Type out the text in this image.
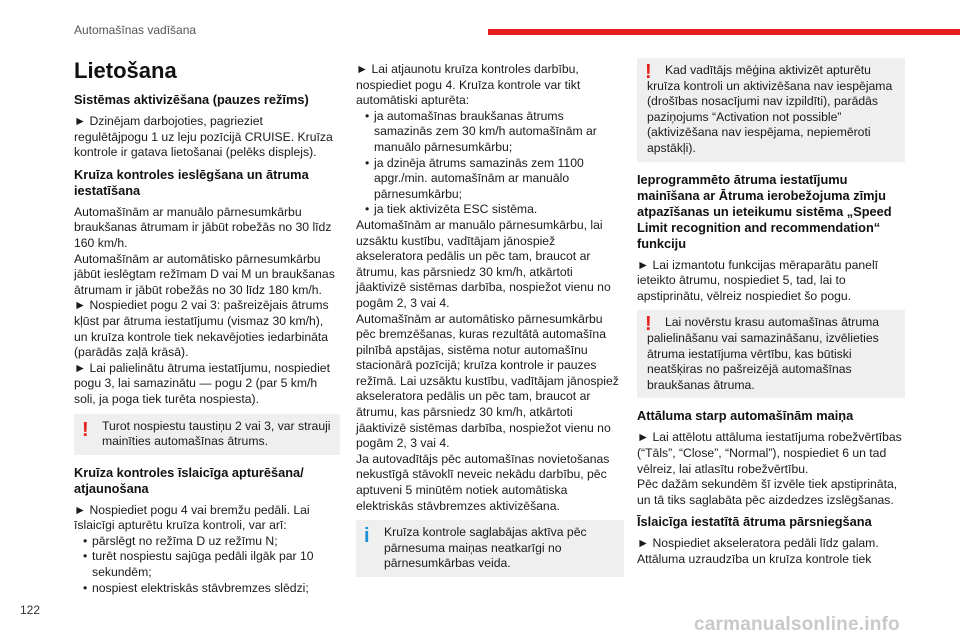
Automašīnas vadīšana
Lietošana
Sistēmas aktivizēšana (pauzes režīms)

► Dzinējam darbojoties, pagrieziet regulētājpogu 1 uz leju pozīcijā CRUISE. Kruīza kontrole ir gatava lietošanai (pelēks displejs).

Kruīza kontroles ieslēgšana un ātruma iestatīšana

Automašīnām ar manuālo pārnesumkārbu braukšanas ātrumam ir jābūt robežās no 30 līdz 160 km/h.
Automašīnām ar automātisko pārnesumkārbu jābūt ieslēgtam režīmam D vai M un braukšanas ātrumam ir jābūt robežās no 30 līdz 180 km/h.
► Nospiediet pogu 2 vai 3: pašreizējais ātrums kļūst par ātruma iestatījumu (vismaz 30 km/h), un kruīza kontrole tiek nekavējoties iedarbināta (parādās zaļā krāsā).
► Lai palielinātu ātruma iestatījumu, nospiediet pogu 3, lai samazinātu — pogu 2 (par 5 km/h soli, ja poga tiek turēta nospiesta).

! Turot nospiestu taustiņu 2 vai 3, var strauji mainīties automašīnas ātrums.
Kruīza kontroles īslaicīga apturēšana/ atjaunošana

► Nospiediet pogu 4 vai bremžu pedāli. Lai īslaicīgi apturētu kruīza kontroli, var arī:

• pārslēgt no režīma D uz režīmu N;
• turēt nospiestu sajūga pedāli ilgāk par 10 sekundēm;
• nospiest elektriskās stāvbremzes slēdzi;

► Lai atjaunotu kruīza kontroles darbību, nospiediet pogu 4. Kruīza kontrole var tikt automātiski apturēta:

• ja automašīnas braukšanas ātrums samazinās zem 30 km/h automašīnām ar manuālo pārnesumkārbu;
• ja dzinēja ātrums samazinās zem 1100 apgr./min. automašīnām ar manuālo pārnesumkārbu;
• ja tiek aktivizēta ESC sistēma.

Automašīnām ar manuālo pārnesumkārbu, lai uzsāktu kustību, vadītājam jānospiež akseleratora pedālis un pēc tam, braucot ar ātrumu, kas pārsniedz 30 km/h, atkārtoti jāaktivizē sistēmas darbība, nospiežot vienu no pogām 2, 3 vai 4.
Automašīnām ar automātisko pārnesumkārbu pēc bremzēšanas, kuras rezultātā automašīna pilnībā apstājas, sistēma notur automašīnu stacionārā pozīcijā; kruīza kontrole ir pauzes režīmā. Lai uzsāktu kustību, vadītājam jānospiež akseleratora pedālis un pēc tam, braucot ar ātrumu, kas pārsniedz 30 km/h, atkārtoti jāaktivizē sistēmas darbība, nospiežot vienu no pogām 2, 3 vai 4.
Ja autovadītājs pēc automašīnas novietošanas nekustīgā stāvoklī neveic nekādu darbību, pēc aptuveni 5 minūtēm notiek automātiska elektriskās stāvbremzes aktivizēšana.

i Kruīza kontrole saglabājas aktīva pēc pārnesuma maiņas neatkarīgi no pārnesumkārbas veida.
!	Kad vadītājs mēģina aktivizēt apturētu
kruīza kontroli un aktivizēšana nav iespējama (drošības nosacījumi nav izpildīti), parādās paziņojums “Activation not possible” (aktivizēšana nav iespējama, nepiemēroti apstākļi).
Ieprogrammēto ātruma iestatījumu mainīšana ar Ātruma ierobežojuma zīmju atpazīšanas un ieteikumu sistēma „Speed Limit recognition and recommendation“ funkciju

► Lai izmantotu funkcijas mēraparātu panelī ieteikto ātrumu, nospiediet 5, tad, lai to apstiprinātu, vēlreiz nospiediet šo pogu.

!	Lai novērstu krasu automašīnas ātruma
palielināšanu vai samazināšanu, izvēlieties ātruma iestatījuma vērtību, kas būtiski neatšķiras no pašreizējā automašīnas braukšanas ātruma.
Attāluma starp automašīnām maiņa

► Lai attēlotu attāluma iestatījuma robežvērtības (“Tāls”, “Close”, “Normal”), nospiediet 6 un tad vēlreiz, lai atlasītu robežvērtību.
Pēc dažām sekundēm šī izvēle tiek apstiprināta, un tā tiks saglabāta pēc aizdedzes izslēgšanas.

Īslaicīga iestatītā ātruma pārsniegšana

► Nospiediet akseleratora pedāli līdz galam. Attāluma uzraudzība un kruīza kontrole tiek

122
carmanualsonline.info
